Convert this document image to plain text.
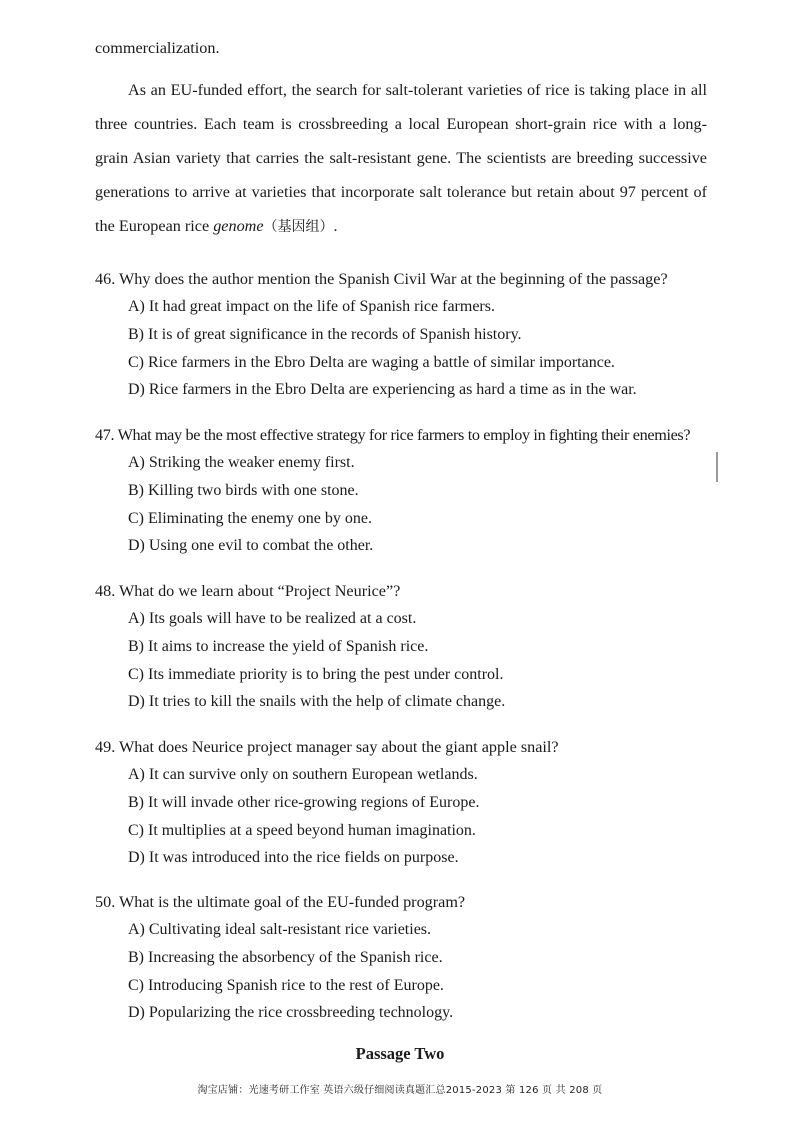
commercialization.

As an EU-funded effort, the search for salt-tolerant varieties of rice is taking place in all three countries. Each team is crossbreeding a local European short-grain rice with a long-grain Asian variety that carries the salt-resistant gene. The scientists are breeding successive generations to arrive at varieties that incorporate salt tolerance but retain about 97 percent of the European rice genome（基因组）.

46. Why does the author mention the Spanish Civil War at the beginning of the passage?
A) It had great impact on the life of Spanish rice farmers.
B) It is of great significance in the records of Spanish history.
C) Rice farmers in the Ebro Delta are waging a battle of similar importance.
D) Rice farmers in the Ebro Delta are experiencing as hard a time as in the war.
47. What may be the most effective strategy for rice farmers to employ in fighting their enemies?
A) Striking the weaker enemy first.
B) Killing two birds with one stone.
C) Eliminating the enemy one by one.
D) Using one evil to combat the other.
48. What do we learn about “Project Neurice”?
A) Its goals will have to be realized at a cost.
B) It aims to increase the yield of Spanish rice.
C) Its immediate priority is to bring the pest under control.
D) It tries to kill the snails with the help of climate change.
49. What does Neurice project manager say about the giant apple snail?
A) It can survive only on southern European wetlands.
B) It will invade other rice-growing regions of Europe.
C) It multiplies at a speed beyond human imagination.
D) It was introduced into the rice fields on purpose.
50. What is the ultimate goal of the EU-funded program?
A) Cultivating ideal salt-resistant rice varieties.
B) Increasing the absorbency of the Spanish rice.
C) Introducing Spanish rice to the rest of Europe.
D) Popularizing the rice crossbreeding technology.
Passage Two
淘宝店铺：光速考研工作室 英语六级仔细阅读真题汇总2015-2023 第 126 页 共 208 页
